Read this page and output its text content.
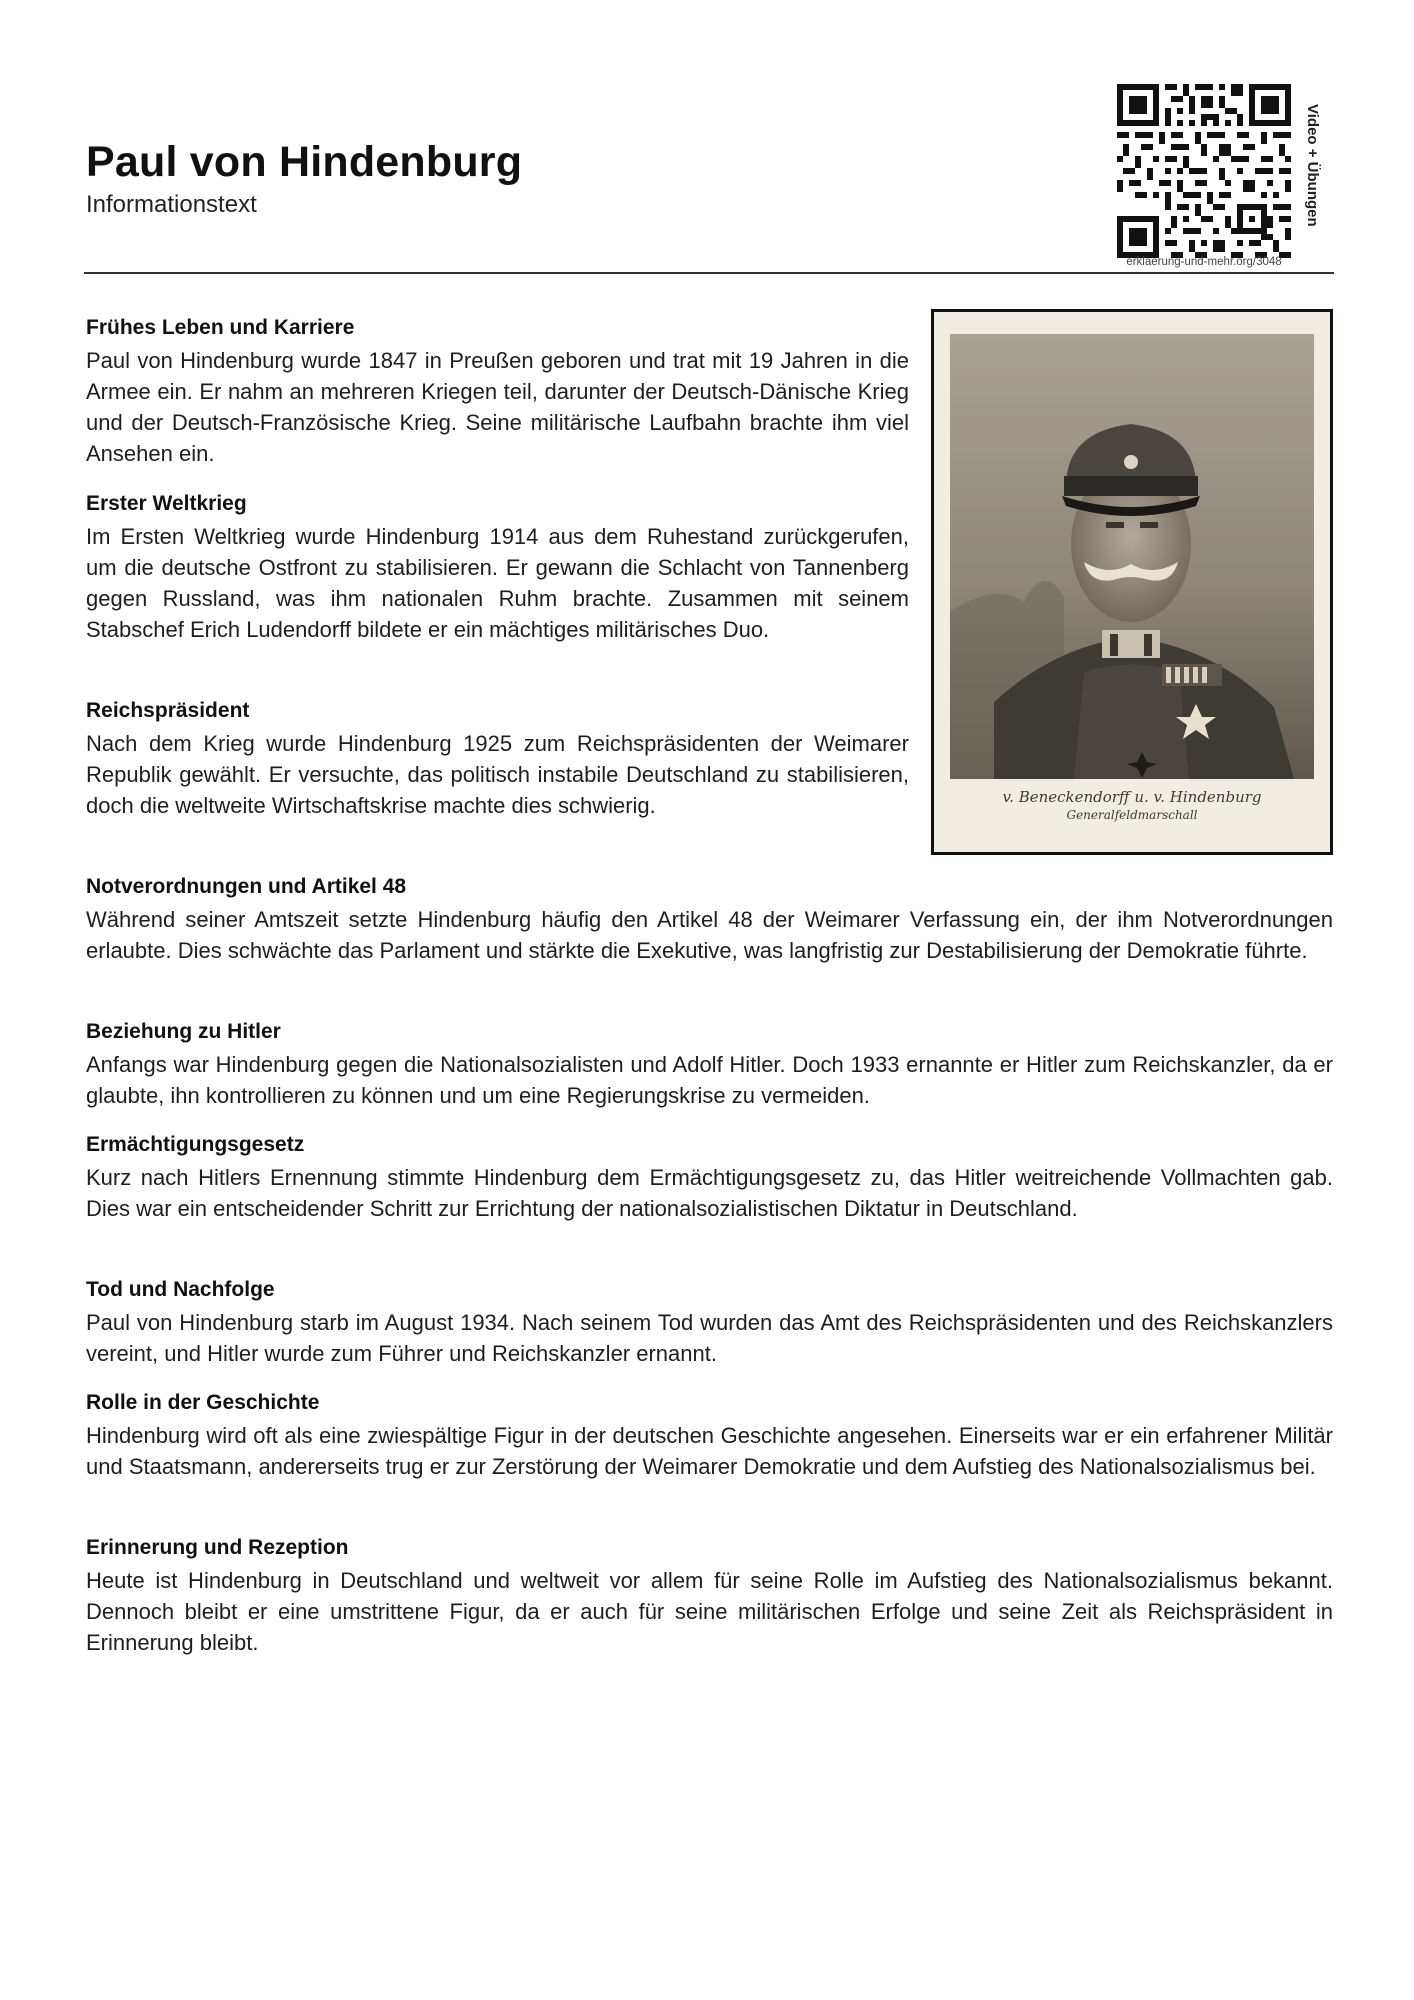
Paul von Hindenburg
Informationstext
erklaerung-und-mehr.org/3048
Video + Übungen
v. Beneckendorff u. v. Hindenburg
Generalfeldmarschall
Frühes Leben und Karriere

Paul von Hindenburg wurde 1847 in Preußen geboren und trat mit 19 Jahren in die Armee ein. Er nahm an mehreren Kriegen teil, darunter der Deutsch-Dänische Krieg und der Deutsch-Französische Krieg. Seine militärische Laufbahn brachte ihm viel Ansehen ein.

Erster Weltkrieg

Im Ersten Weltkrieg wurde Hindenburg 1914 aus dem Ruhestand zurückgerufen, um die deutsche Ostfront zu stabilisieren. Er gewann die Schlacht von Tannenberg gegen Russland, was ihm nationalen Ruhm brachte. Zusammen mit seinem Stabschef Erich Ludendorff bildete er ein mächtiges militärisches Duo.

Reichspräsident

Nach dem Krieg wurde Hindenburg 1925 zum Reichspräsidenten der Weimarer Republik gewählt. Er versuchte, das politisch instabile Deutschland zu stabilisieren, doch die weltweite Wirtschaftskrise machte dies schwierig.

Notverordnungen und Artikel 48

Während seiner Amtszeit setzte Hindenburg häufig den Artikel 48 der Weimarer Verfassung ein, der ihm Notverordnungen erlaubte. Dies schwächte das Parlament und stärkte die Exekutive, was langfristig zur Destabilisierung der Demokratie führte.

Beziehung zu Hitler

Anfangs war Hindenburg gegen die Nationalsozialisten und Adolf Hitler. Doch 1933 ernannte er Hitler zum Reichskanzler, da er glaubte, ihn kontrollieren zu können und um eine Regierungskrise zu vermeiden.

Ermächtigungsgesetz

Kurz nach Hitlers Ernennung stimmte Hindenburg dem Ermächtigungsgesetz zu, das Hitler weitreichende Vollmachten gab. Dies war ein entscheidender Schritt zur Errichtung der nationalsozialistischen Diktatur in Deutschland.

Tod und Nachfolge

Paul von Hindenburg starb im August 1934. Nach seinem Tod wurden das Amt des Reichspräsidenten und des Reichskanzlers vereint, und Hitler wurde zum Führer und Reichskanzler ernannt.

Rolle in der Geschichte

Hindenburg wird oft als eine zwiespältige Figur in der deutschen Geschichte angesehen. Einerseits war er ein erfahrener Militär und Staatsmann, andererseits trug er zur Zerstörung der Weimarer Demokratie und dem Aufstieg des Nationalsozialismus bei.

Erinnerung und Rezeption

Heute ist Hindenburg in Deutschland und weltweit vor allem für seine Rolle im Aufstieg des Nationalsozialismus bekannt. Dennoch bleibt er eine umstrittene Figur, da er auch für seine militärischen Erfolge und seine Zeit als Reichspräsident in Erinnerung bleibt.
